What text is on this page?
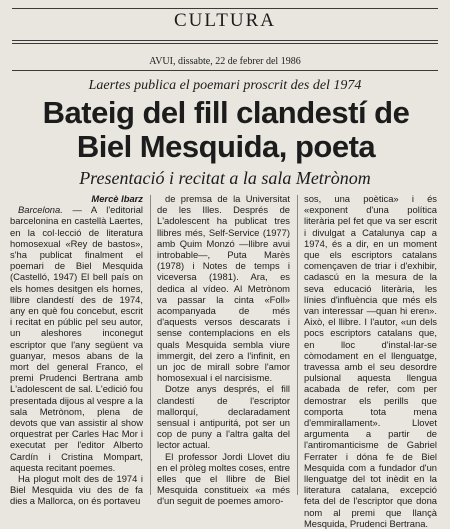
CULTURA
AVUI, dissabte, 22 de febrer del 1986
Laertes publica el poemari proscrit des del 1974
Bateig del fill clandestí de
Biel Mesquida, poeta
Presentació i recitat a la sala Metrònom
Mercè Ibarz

Barcelona. — A l'editorial barcelonina en castellà Laertes, en la col·lecció de literatura homosexual «Rey de bastos», s'ha publicat finalment el poemari de Biel Mesquida (Castelló, 1947) El bell país on els homes desitgen els homes, llibre clandestí des de 1974, any en què fou concebut, escrit i recitat en públic pel seu autor, un aleshores inconegut escriptor que l'any següent va guanyar, mesos abans de la mort del general Franco, el premi Prudenci Bertrana amb L'adolescent de sal. L'edició fou presentada dijous al vespre a la sala Metrònom, plena de devots que van assistir al show orquestrat per Carles Hac Mor i executat per l'editor Alberto Cardín i Cristina Mompart, aquesta recitant poemes.

Ha plogut molt des de 1974 i Biel Mesquida viu des de fa dies a Mallorca, on és portaveu

de premsa de la Universitat de les Illes. Després de L'adolescent ha publicat tres llibres més, Self-Service (1977) amb Quim Monzó —llibre avui introbable—, Puta Marès (1978) i Notes de temps i viceversa (1981). Ara, es dedica al vídeo. Al Metrònom va passar la cinta «Foll» acompanyada de més d'aquests versos descarats i sense contemplacions en els quals Mesquida sembla viure immergit, del zero a l'infinit, en un joc de mirall sobre l'amor homosexual i el narcisisme.

Dotze anys després, el fill clandestí de l'escriptor mallorquí, declaradament sensual i antipuritá, pot ser un cop de puny a l'altra galta del lector actual.

El professor Jordi Llovet diu en el pròleg moltes coses, entre elles que el llibre de Biel Mesquida constitueix «a més d'un seguit de poemes amoro-

sos, una poètica» i és «exponent d'una política literària pel fet que va ser escrit i divulgat a Catalunya cap a 1974, és a dir, en un moment que els escriptors catalans començaven de triar i d'exhibir, cadascú en la mesura de la seva educació literària, les línies d'influència que més els van interessar —quan hi eren». Això, el llibre. I l'autor, «un dels pocs escriptors catalans que, en lloc d'instal·lar-se còmodament en el llenguatge, travessa amb el seu desordre pulsional aquesta llengua acabada de refer, com per demostrar els perills que comporta tota mena d'emmirallament». Llovet argumenta a partir de l'antiromanticisme de Gabriel Ferrater i dóna fe de Biel Mesquida com a fundador d'un llenguatge del tot inèdit en la literatura catalana, excepció feta del de l'escriptor que dona nom al premi que llançà Mesquida, Prudenci Bertrana.
